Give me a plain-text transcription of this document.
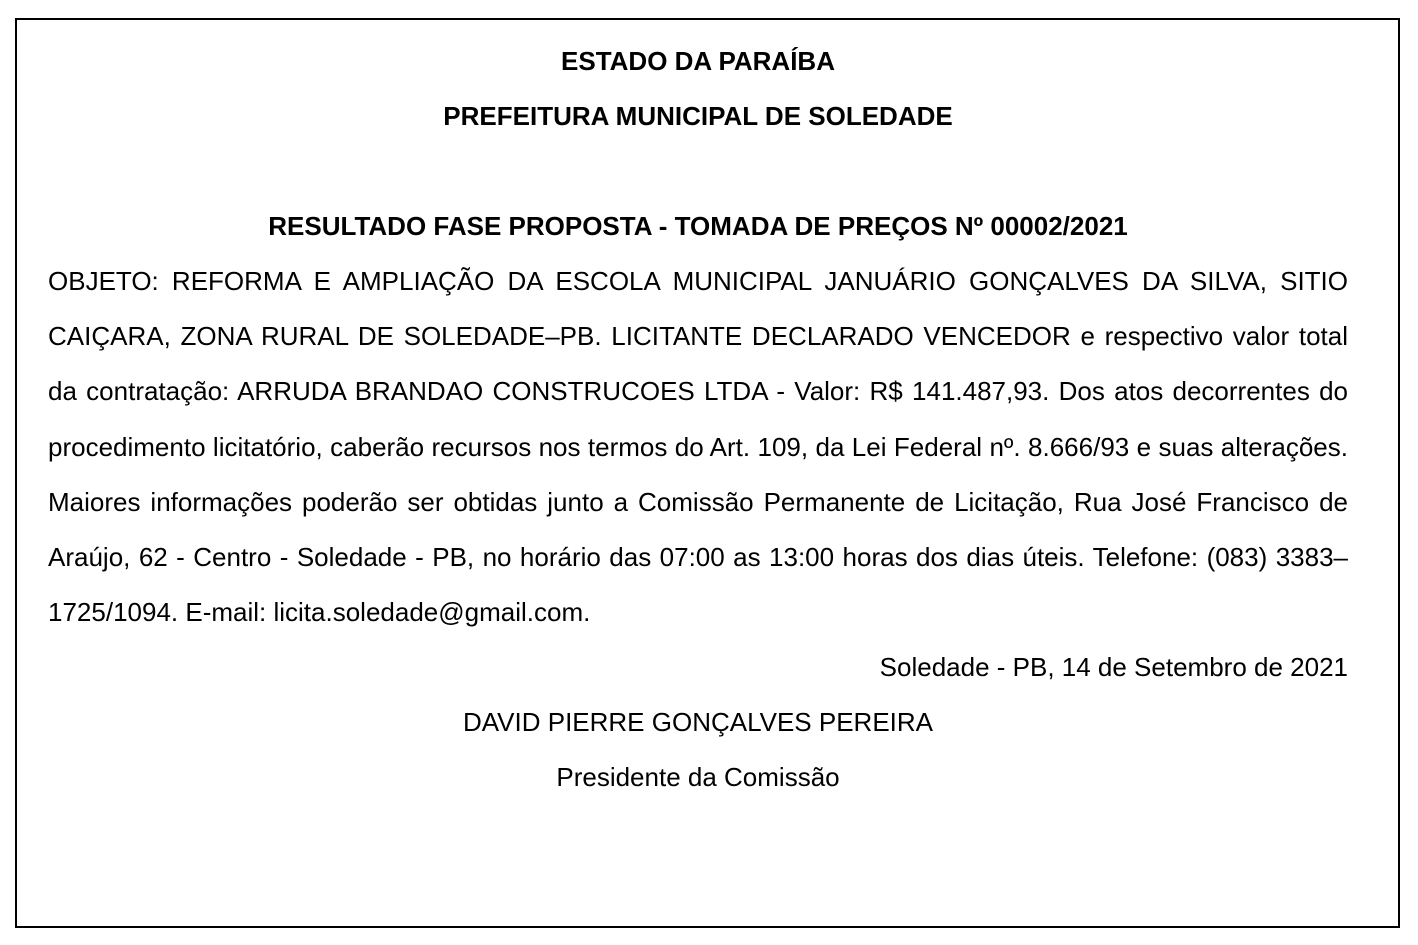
ESTADO DA PARAÍBA

PREFEITURA MUNICIPAL DE SOLEDADE

RESULTADO FASE PROPOSTA - TOMADA DE PREÇOS Nº 00002/2021

OBJETO: REFORMA E AMPLIAÇÃO DA ESCOLA MUNICIPAL JANUÁRIO GONÇALVES DA SILVA, SITIO CAIÇARA, ZONA RURAL DE SOLEDADE–PB. LICITANTE DECLARADO VENCEDOR e respectivo valor total da contratação: ARRUDA BRANDAO CONSTRUCOES LTDA - Valor: R$ 141.487,93. Dos atos decorrentes do procedimento licitatório, caberão recursos nos termos do Art. 109, da Lei Federal nº. 8.666/93 e suas alterações. Maiores informações poderão ser obtidas junto a Comissão Permanente de Licitação, Rua José Francisco de Araújo, 62 - Centro - Soledade - PB, no horário das 07:00 as 13:00 horas dos dias úteis. Telefone: (083) 3383–1725/1094. E-mail: licita.soledade@gmail.com.

Soledade - PB, 14 de Setembro de 2021

DAVID PIERRE GONÇALVES PEREIRA

Presidente da Comissão
